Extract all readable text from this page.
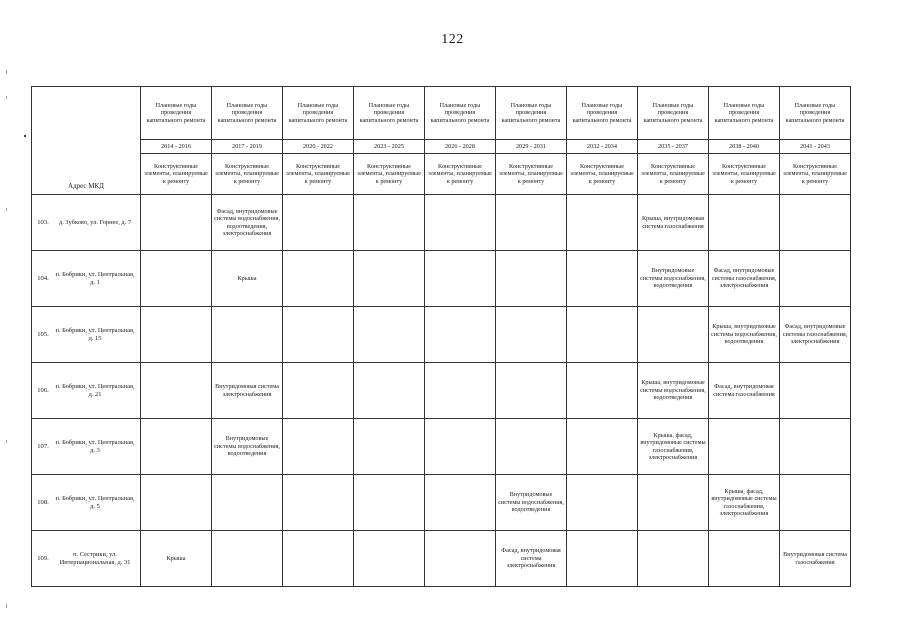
122
Адрес МКД	Плановые годы проведения капитального ремонта	Плановые годы проведения капитального ремонта	Плановые годы проведения капитального ремонта	Плановые годы проведения капитального ремонта	Плановые годы проведения капитального ремонта	Плановые годы проведения капитального ремонта	Плановые годы проведения капитального ремонта	Плановые годы проведения капитального ремонта	Плановые годы проведения капитального ремонта	Плановые годы проведения капитального ремонта
	2014 - 2016	2017 - 2019	2020 - 2022	2023 - 2025	2026 - 2028	2029 - 2031	2032 - 2034	2035 - 2037	2038 - 2040	2041 - 2043
	Конструктивные элементы, планируемые к ремонту	Конструктивные элементы, планируемые к ремонту	Конструктивные элементы, планируемые к ремонту	Конструктивные элементы, планируемые к ремонту	Конструктивные элементы, планируемые к ремонту	Конструктивные элементы, планируемые к ремонту	Конструктивные элементы, планируемые к ремонту	Конструктивные элементы, планируемые к ремонту	Конструктивные элементы, планируемые к ремонту	Конструктивные элементы, планируемые к ремонту

103. д. Зубково, ул. Горнее, д. 7		Фасад, внутридомовые системы водоснабжения, водоотведения, электроснабжения						Крыша, внутридомовая система газоснабжения		

104.
п. Бобрики, ул. Центральная, д. 1		Крыша						Внутридомовые системы водоснабжения, водоотведения	Фасад, внутридомовые системы газоснабжения, электроснабжения	

105.
п. Бобрики, ул. Центральная, д. 15									Крыша, внутридомовые системы водоснабжения, водоотведения	Фасад, внутридомовые системы газоснабжения, электроснабжения

106.
п. Бобрики, ул. Центральная, д. 21		Внутридомовая система электроснабжения						Крыша, внутридомовые системы водоснабжения, водоотведения	Фасад, внутридомовая система газоснабжения	

107.
п. Бобрики, ул. Центральная, д. 3		Внутридомовые системы водоснабжения, водоотведения						Крыша, фасад, внутридомовые системы газоснабжения, электроснабжения		

108.
п. Бобрики, ул. Центральная, д. 5						Внутридомовые системы водоснабжения, водоотведения			Крыша, фасад, внутридомовые системы газоснабжения, электроснабжения	

109.
п. Сестрики, ул. Интернациональная, д. 31	Крыша					Фасад, внутридомовая система электроснабжения				Внутридомовая система газоснабжения
